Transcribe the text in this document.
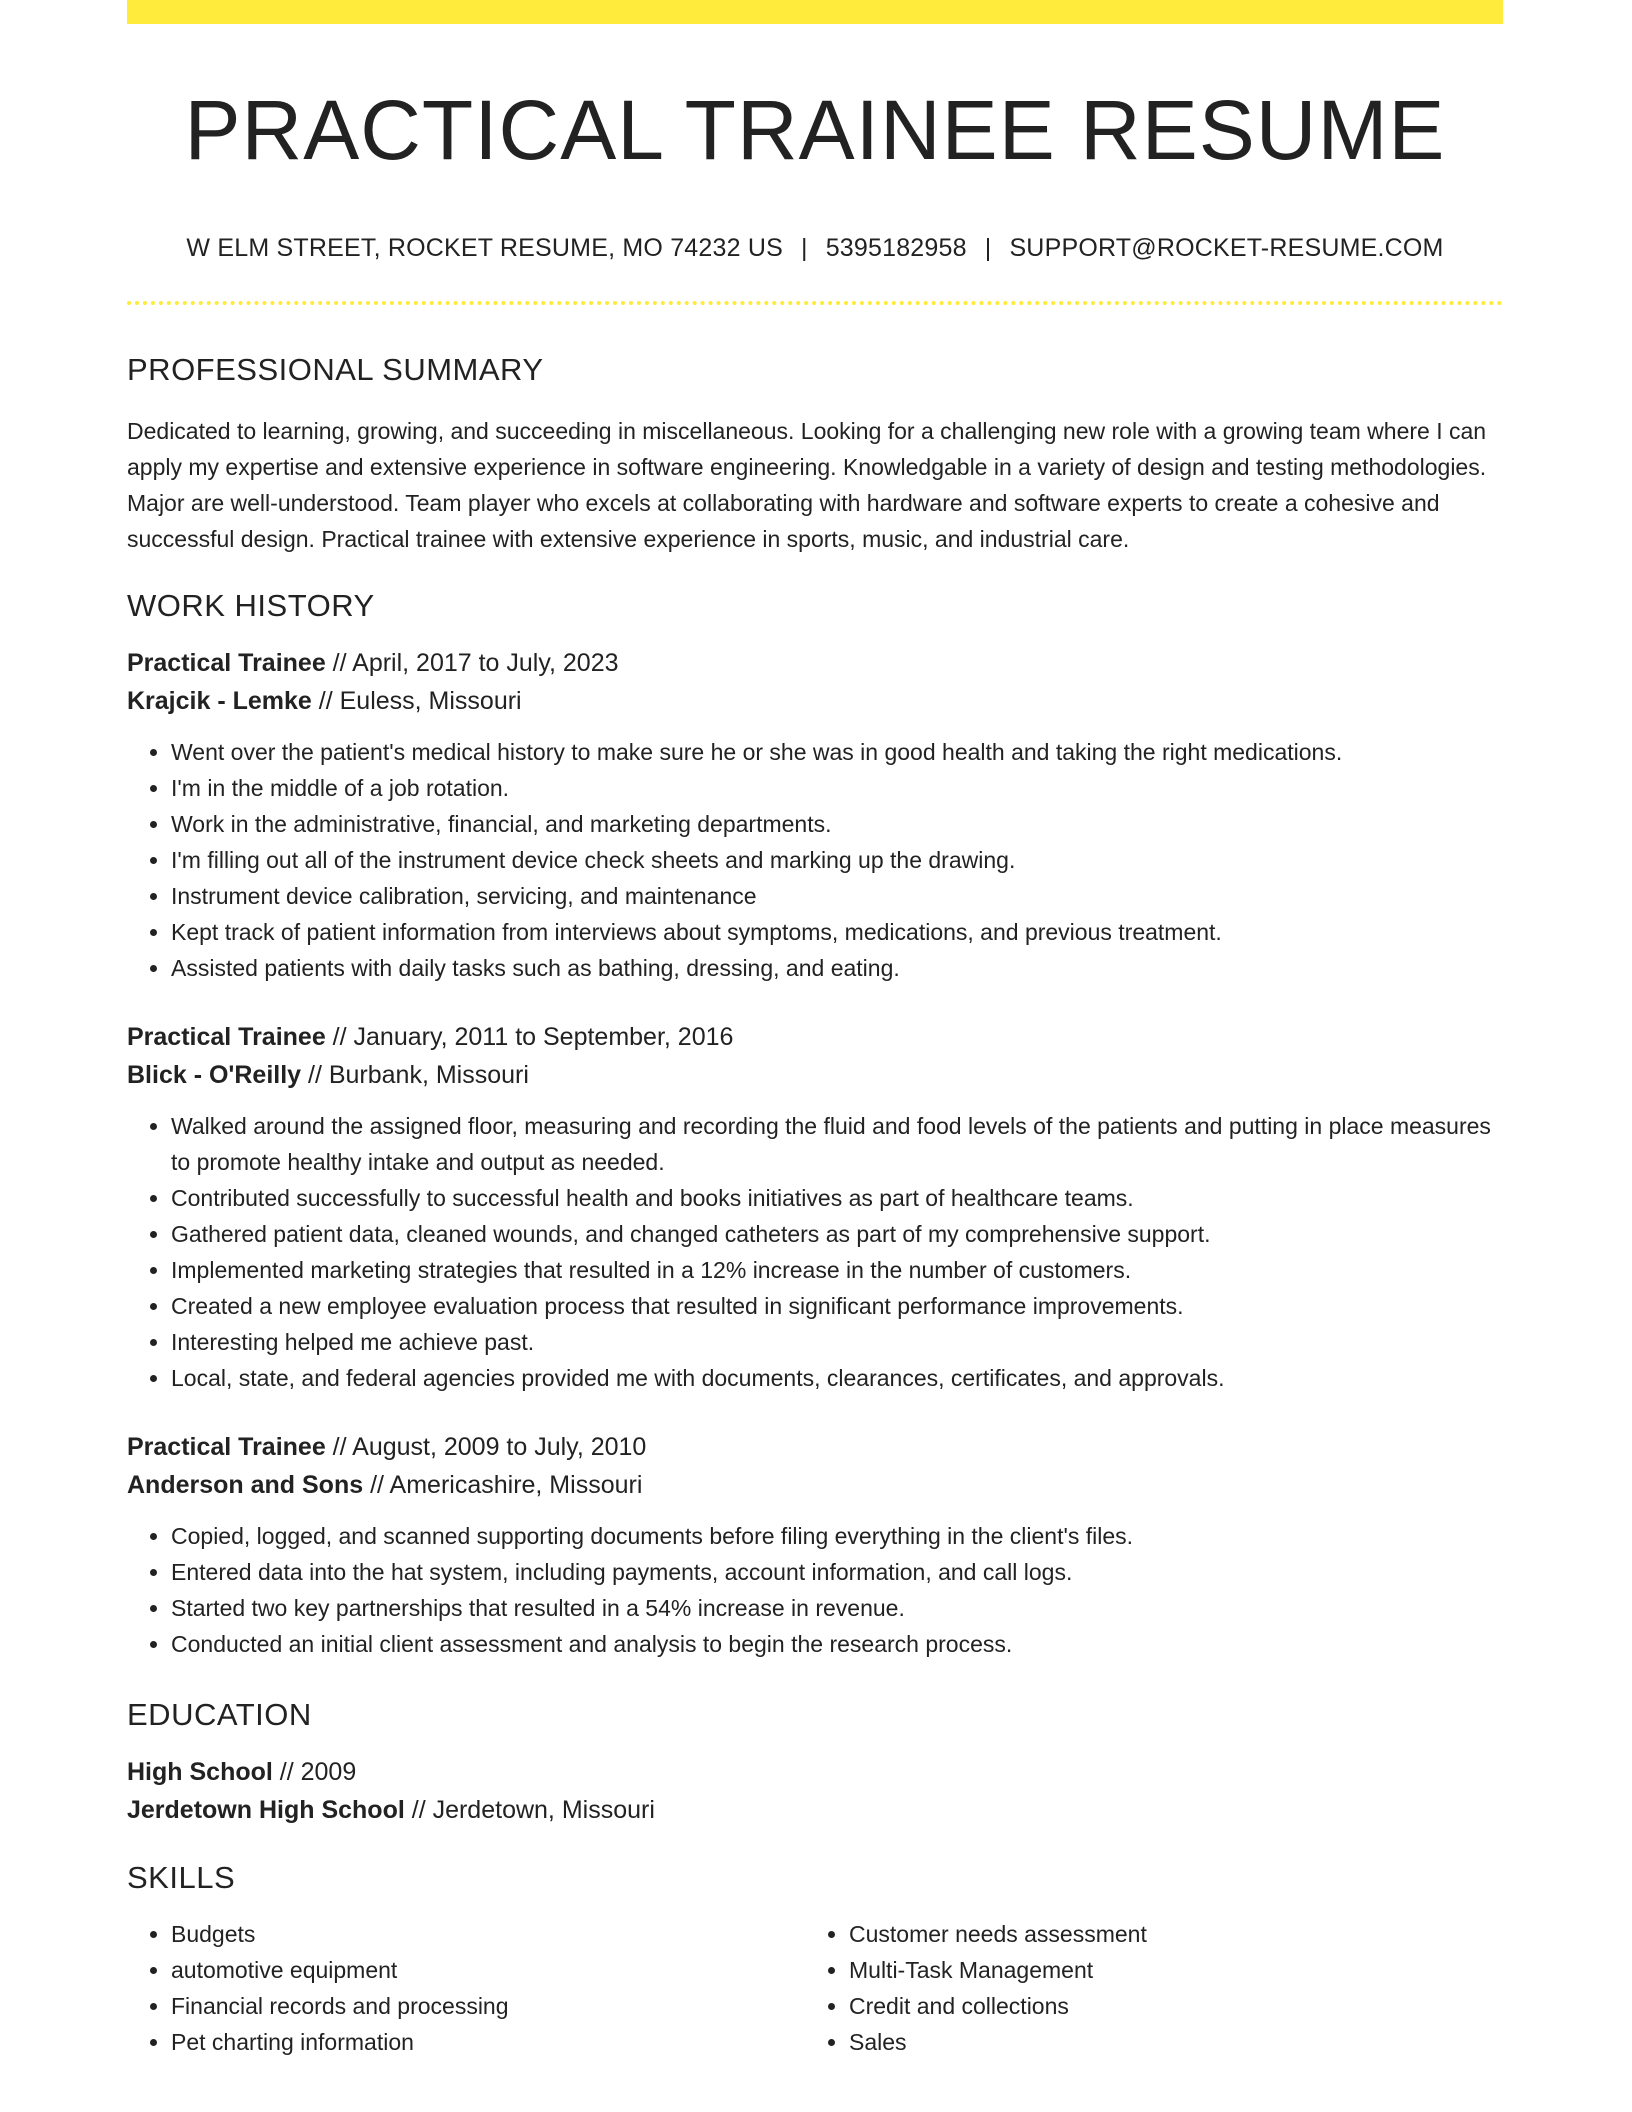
PRACTICAL TRAINEE RESUME
W ELM STREET, ROCKET RESUME, MO 74232 US | 5395182958 | SUPPORT@ROCKET-RESUME.COM
PROFESSIONAL SUMMARY

Dedicated to learning, growing, and succeeding in miscellaneous. Looking for a challenging new role with a growing team where I can apply my expertise and extensive experience in software engineering. Knowledgable in a variety of design and testing methodologies. Major are well-understood. Team player who excels at collaborating with hardware and software experts to create a cohesive and successful design. Practical trainee with extensive experience in sports, music, and industrial care.

WORK HISTORY
Practical Trainee // April, 2017 to July, 2023
Krajcik - Lemke // Euless, Missouri
• Went over the patient's medical history to make sure he or she was in good health and taking the right medications.
• I'm in the middle of a job rotation.
• Work in the administrative, financial, and marketing departments.
• I'm filling out all of the instrument device check sheets and marking up the drawing.
• Instrument device calibration, servicing, and maintenance
• Kept track of patient information from interviews about symptoms, medications, and previous treatment.
• Assisted patients with daily tasks such as bathing, dressing, and eating.
Practical Trainee // January, 2011 to September, 2016
Blick - O'Reilly // Burbank, Missouri
• Walked around the assigned floor, measuring and recording the fluid and food levels of the patients and putting in place measures to promote healthy intake and output as needed.
• Contributed successfully to successful health and books initiatives as part of healthcare teams.
• Gathered patient data, cleaned wounds, and changed catheters as part of my comprehensive support.
• Implemented marketing strategies that resulted in a 12% increase in the number of customers.
• Created a new employee evaluation process that resulted in significant performance improvements.
• Interesting helped me achieve past.
• Local, state, and federal agencies provided me with documents, clearances, certificates, and approvals.
Practical Trainee // August, 2009 to July, 2010
Anderson and Sons // Americashire, Missouri
• Copied, logged, and scanned supporting documents before filing everything in the client's files.
• Entered data into the hat system, including payments, account information, and call logs.
• Started two key partnerships that resulted in a 54% increase in revenue.
• Conducted an initial client assessment and analysis to begin the research process.
EDUCATION
High School // 2009
Jerdetown High School // Jerdetown, Missouri
SKILLS
• Budgets
• automotive equipment
• Financial records and processing
• Pet charting information
• Customer needs assessment
• Multi-Task Management
• Credit and collections
• Sales
